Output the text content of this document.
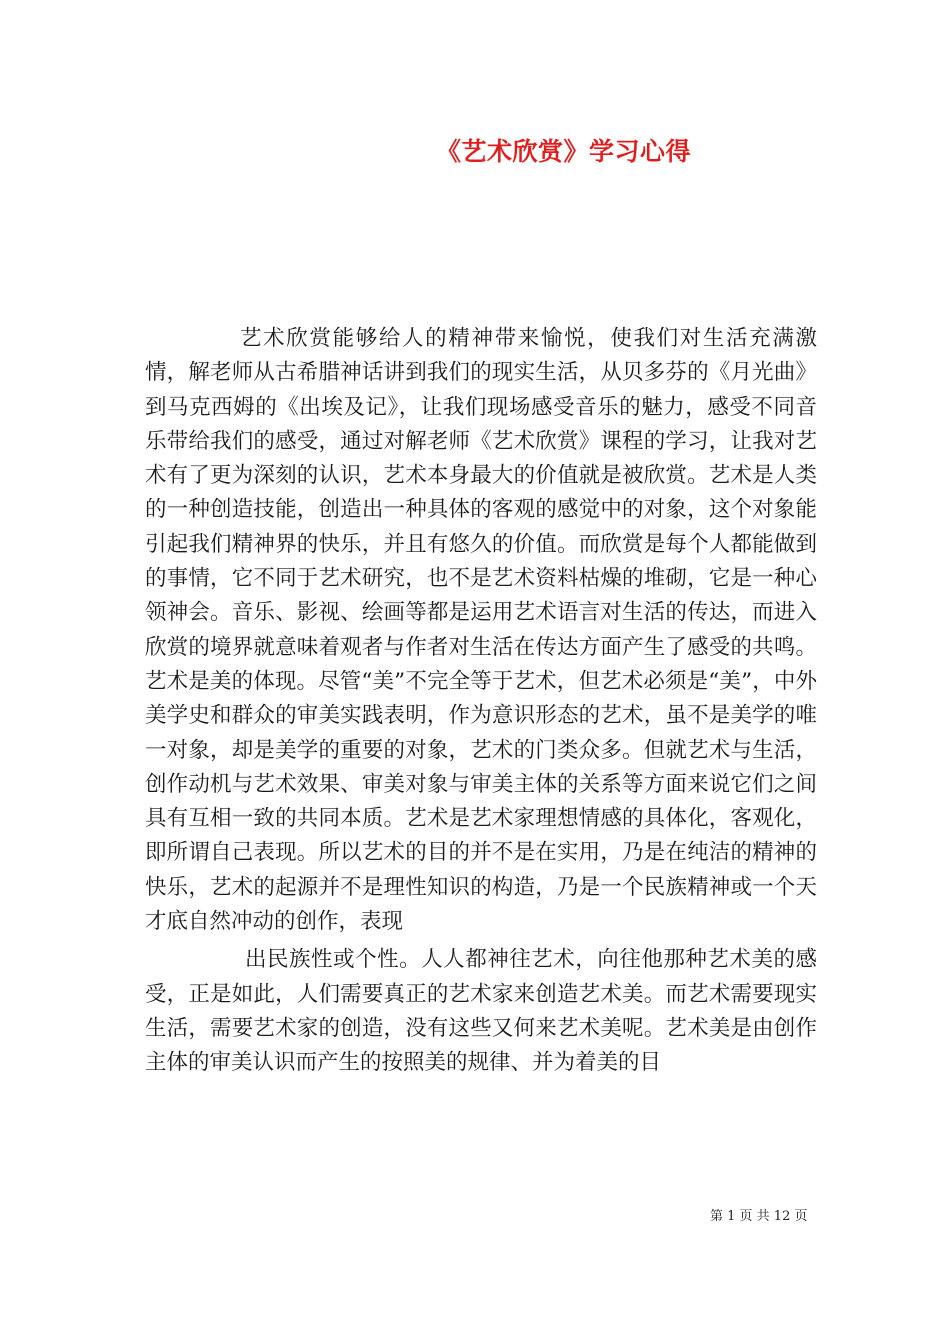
《艺术欣赏》学习心得

艺术欣赏能够给人的精神带来愉悦，使我们对生活充满激情，解老师从古希腊神话讲到我们的现实生活，从贝多芬的《月光曲》到马克西姆的《出埃及记》，让我们现场感受音乐的魅力，感受不同音乐带给我们的感受，通过对解老师《艺术欣赏》课程的学习，让我对艺术有了更为深刻的认识，艺术本身最大的价值就是被欣赏。艺术是人类的一种创造技能，创造出一种具体的客观的感觉中的对象，这个对象能引起我们精神界的快乐，并且有悠久的价值。而欣赏是每个人都能做到的事情，它不同于艺术研究，也不是艺术资料枯燥的堆砌，它是一种心领神会。音乐、影视、绘画等都是运用艺术语言对生活的传达，而进入欣赏的境界就意味着观者与作者对生活在传达方面产生了感受的共鸣。艺术是美的体现。尽管“美”不完全等于艺术，但艺术必须是“美”，中外美学史和群众的审美实践表明，作为意识形态的艺术，虽不是美学的唯一对象，却是美学的重要的对象，艺术的门类众多。但就艺术与生活，创作动机与艺术效果、审美对象与审美主体的关系等方面来说它们之间具有互相一致的共同本质。艺术是艺术家理想情感的具体化，客观化，即所谓自己表现。所以艺术的目的并不是在实用，乃是在纯洁的精神的快乐，艺术的起源并不是理性知识的构造，乃是一个民族精神或一个天才底自然冲动的创作，表现

出民族性或个性。人人都神往艺术，向往他那种艺术美的感受，正是如此，人们需要真正的艺术家来创造艺术美。而艺术需要现实生活，需要艺术家的创造，没有这些又何来艺术美呢。艺术美是由创作主体的审美认识而产生的按照美的规律、并为着美的目

第 1 页 共 12 页
